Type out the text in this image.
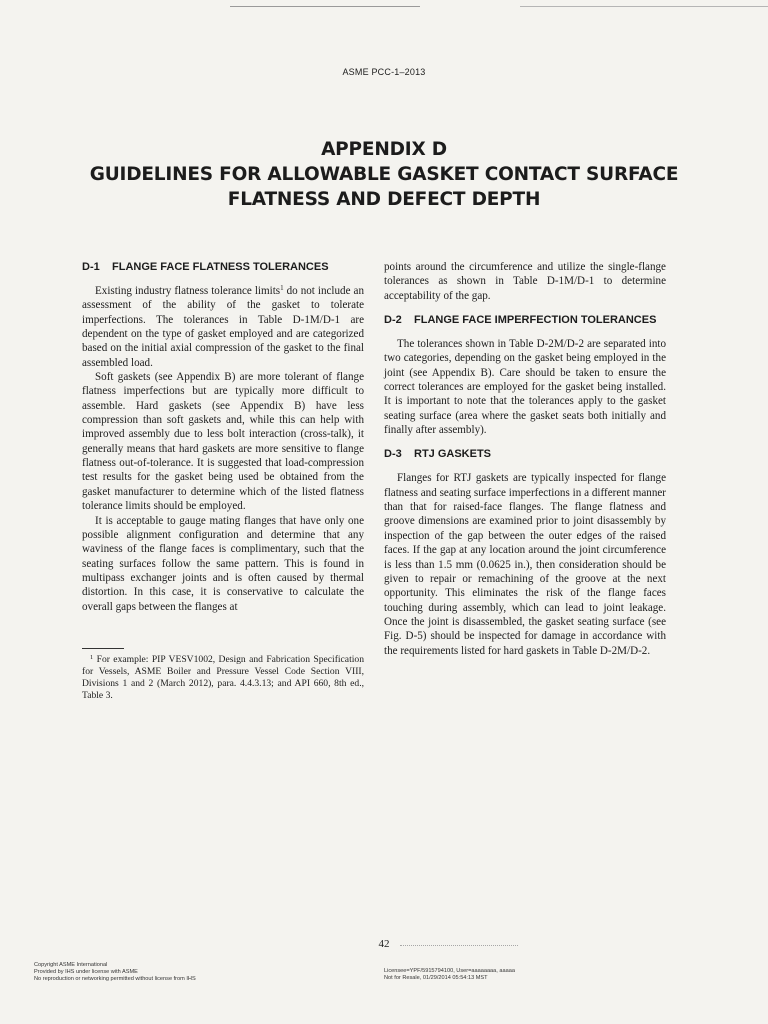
ASME PCC-1–2013
APPENDIX D
GUIDELINES FOR ALLOWABLE GASKET CONTACT SURFACE
FLATNESS AND DEFECT DEPTH
D-1 FLANGE FACE FLATNESS TOLERANCES

Existing industry flatness tolerance limits$^1$ do not include an assessment of the ability of the gasket to tolerate imperfections. The tolerances in Table D-1M/D-1 are dependent on the type of gasket employed and are categorized based on the initial axial compression of the gasket to the final assembled load.

Soft gaskets (see Appendix B) are more tolerant of flange flatness imperfections but are typically more difficult to assemble. Hard gaskets (see Appendix B) have less compression than soft gaskets and, while this can help with improved assembly due to less bolt interaction (cross-talk), it generally means that hard gaskets are more sensitive to flange flatness out-of-tolerance. It is suggested that load-compression test results for the gasket being used be obtained from the gasket manufacturer to determine which of the listed flatness tolerance limits should be employed.

It is acceptable to gauge mating flanges that have only one possible alignment configuration and determine that any waviness of the flange faces is complimentary, such that the seating surfaces follow the same pattern. This is found in multipass exchanger joints and is often caused by thermal distortion. In this case, it is conservative to calculate the overall gaps between the flanges at

$^1$ For example: PIP VESV1002, Design and Fabrication Specification for Vessels, ASME Boiler and Pressure Vessel Code Section VIII, Divisions 1 and 2 (March 2012), para. 4.4.3.13; and API 660, 8th ed., Table 3.

points around the circumference and utilize the single-flange tolerances as shown in Table D-1M/D-1 to determine acceptability of the gap.

D-2 FLANGE FACE IMPERFECTION TOLERANCES

The tolerances shown in Table D-2M/D-2 are separated into two categories, depending on the gasket being employed in the joint (see Appendix B). Care should be taken to ensure the correct tolerances are employed for the gasket being installed. It is important to note that the tolerances apply to the gasket seating surface (area where the gasket seats both initially and finally after assembly).

D-3 RTJ GASKETS

Flanges for RTJ gaskets are typically inspected for flange flatness and seating surface imperfections in a different manner than that for raised-face flanges. The flange flatness and groove dimensions are examined prior to joint disassembly by inspection of the gap between the outer edges of the raised faces. If the gap at any location around the joint circumference is less than 1.5 mm (0.0625 in.), then consideration should be given to repair or remachining of the groove at the next opportunity. This eliminates the risk of the flange faces touching during assembly, which can lead to joint leakage. Once the joint is disassembled, the gasket seating surface (see Fig. D-5) should be inspected for damage in accordance with the requirements listed for hard gaskets in Table D-2M/D-2.

42
Copyright ASME International
Provided by IHS under license with ASME
No reproduction or networking permitted without license from IHS
Licensee=YPF/5915794100, User=aaaaaaaa, aaaaa
Not for Resale, 01/29/2014 05:54:13 MST
